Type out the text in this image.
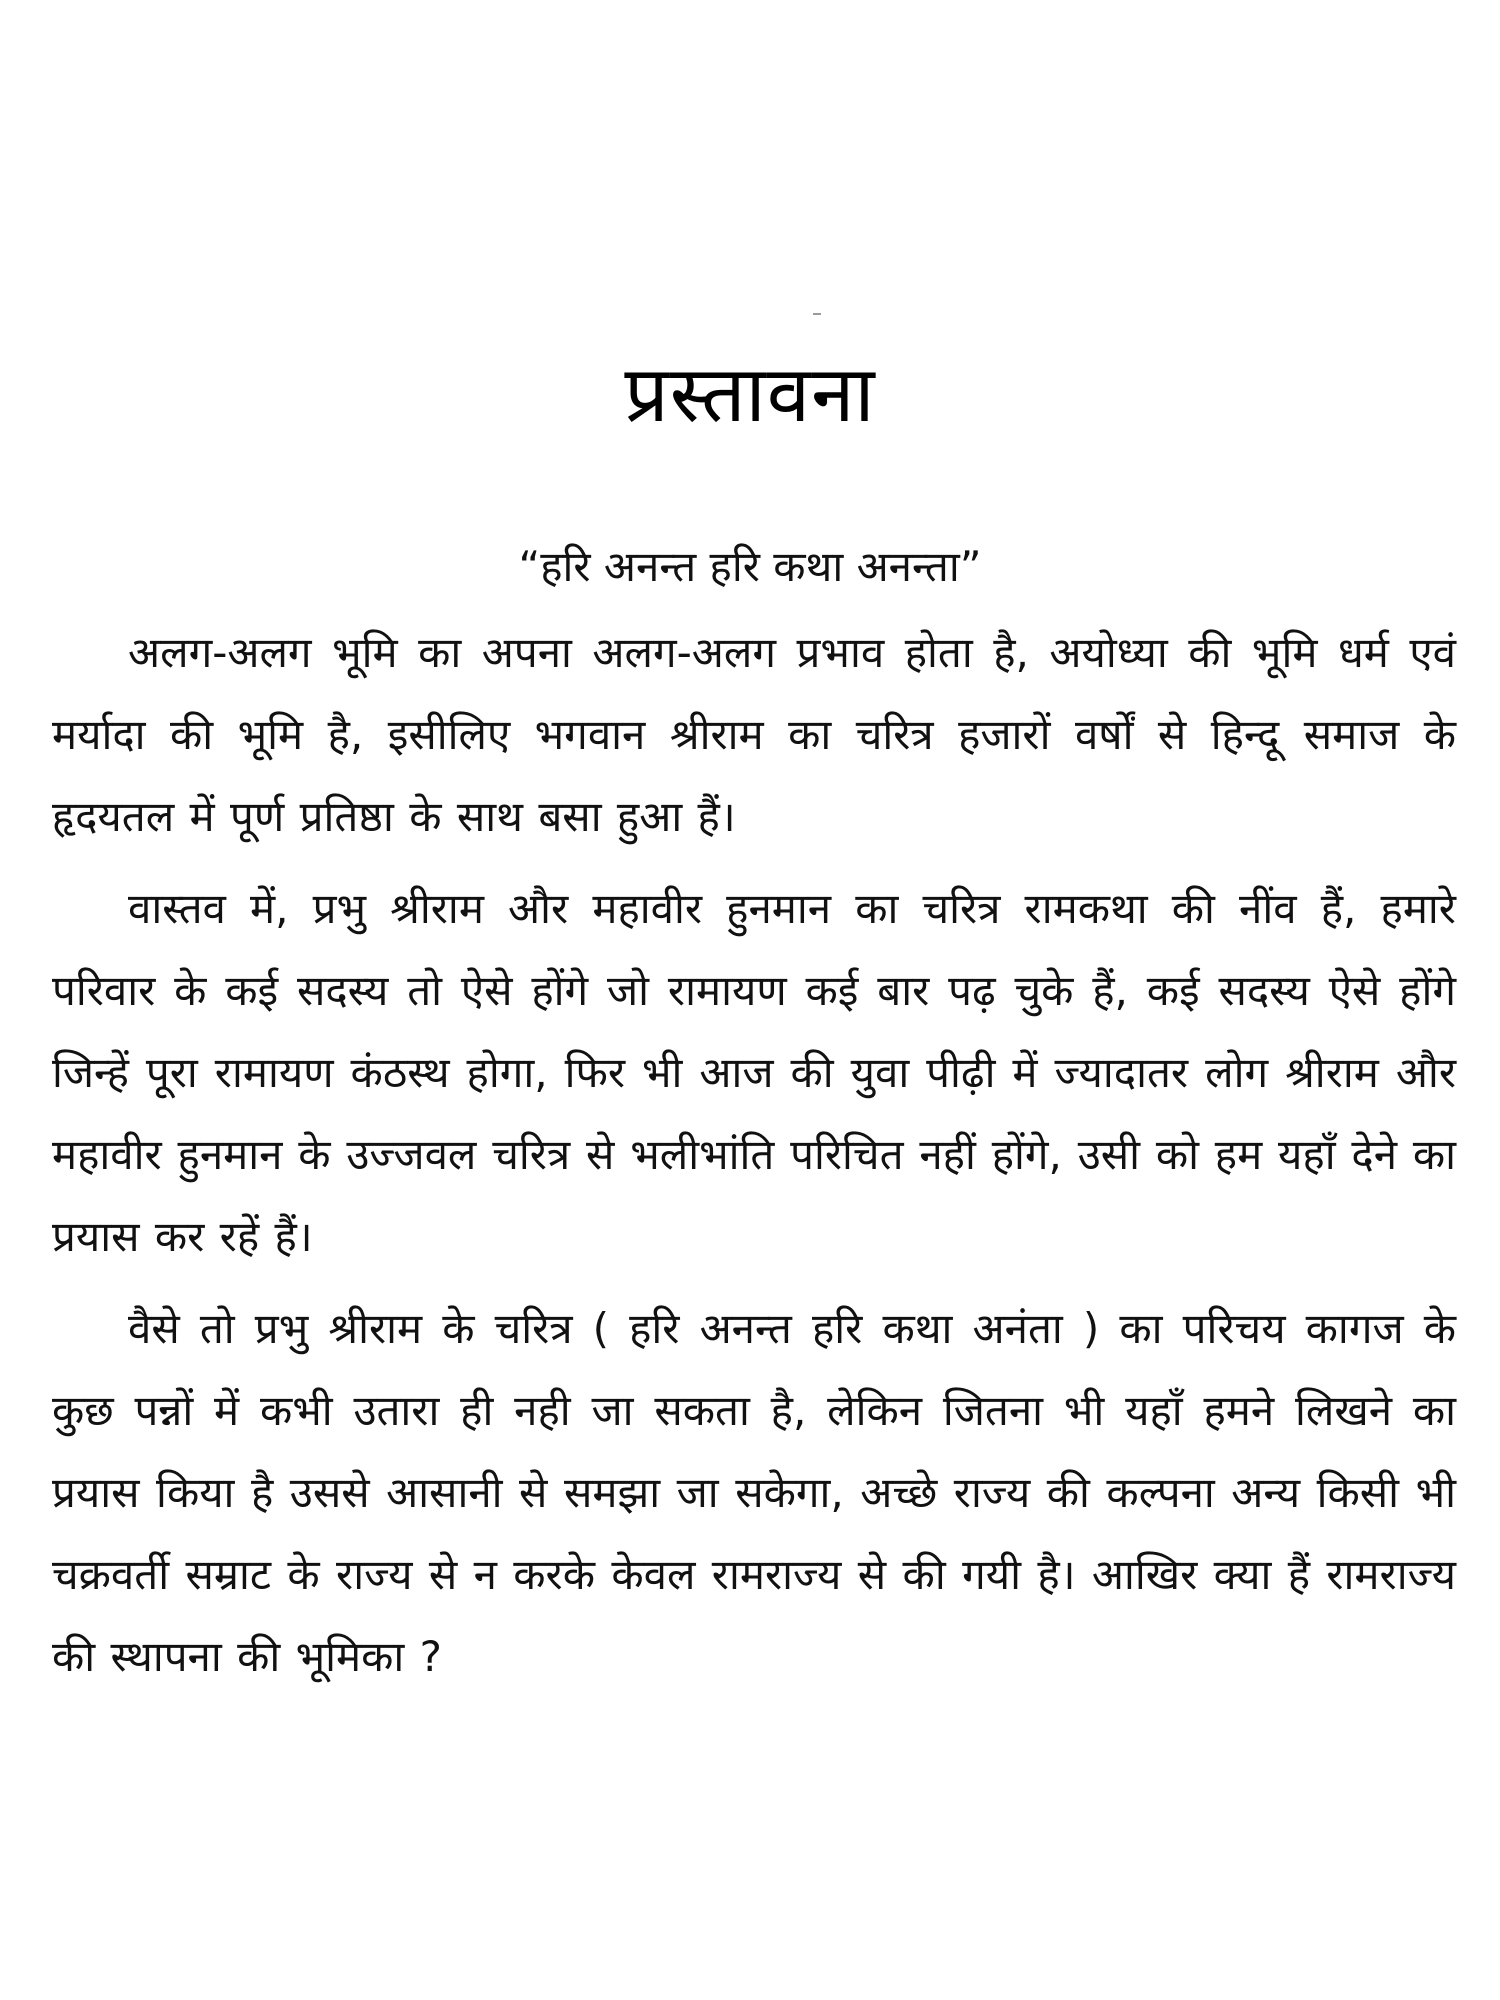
प्रस्तावना

“हरि अनन्त हरि कथा अनन्ता”

अलग-अलग भूमि का अपना अलग-अलग प्रभाव होता है, अयोध्या की भूमि धर्म एवं मर्यादा की भूमि है, इसीलिए भगवान श्रीराम का चरित्र हजारों वर्षों से हिन्दू समाज के हृदयतल में पूर्ण प्रतिष्ठा के साथ बसा हुआ हैं।

वास्तव में, प्रभु श्रीराम और महावीर हुनमान का चरित्र रामकथा की नींव हैं, हमारे परिवार के कई सदस्य तो ऐसे होंगे जो रामायण कई बार पढ़ चुके हैं, कई सदस्य ऐसे होंगे जिन्हें पूरा रामायण कंठस्थ होगा, फिर भी आज की युवा पीढ़ी में ज्यादातर लोग श्रीराम और महावीर हुनमान के उज्जवल चरित्र से भलीभांति परिचित नहीं होंगे, उसी को हम यहाँ देने का प्रयास कर रहें हैं।

वैसे तो प्रभु श्रीराम के चरित्र ( हरि अनन्त हरि कथा अनंता ) का परिचय कागज के कुछ पन्नों में कभी उतारा ही नही जा सकता है, लेकिन जितना भी यहाँ हमने लिखने का प्रयास किया है उससे आसानी से समझा जा सकेगा, अच्छे राज्य की कल्पना अन्य किसी भी चक्रवर्ती सम्राट के राज्य से न करके केवल रामराज्य से की गयी है। आखिर क्या हैं रामराज्य की स्थापना की भूमिका ?
